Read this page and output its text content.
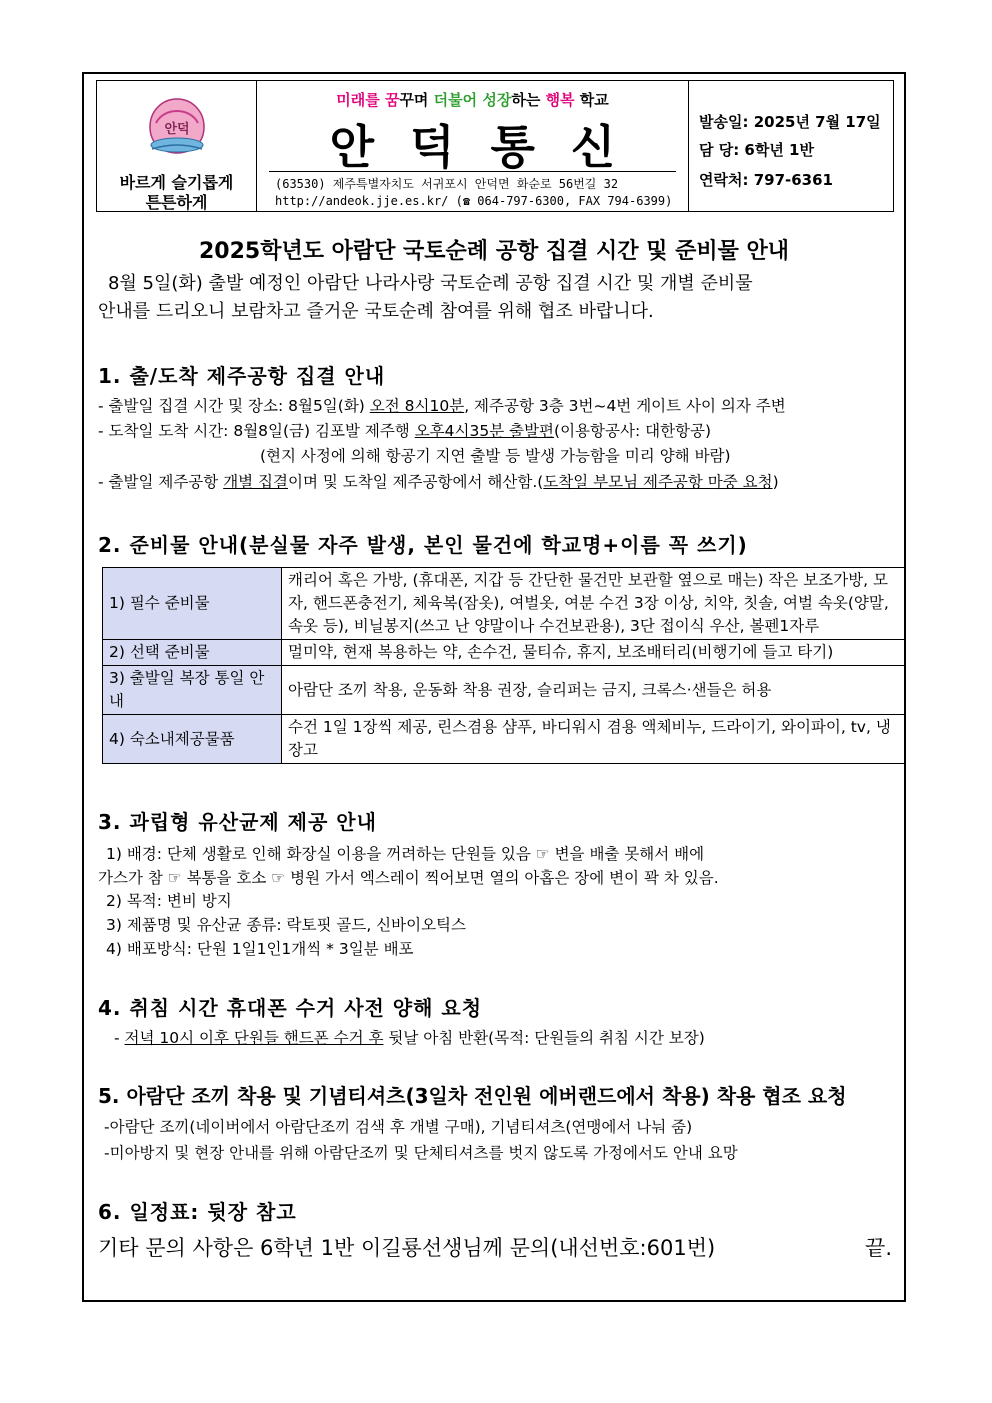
안덕
바르게 슬기롭게
튼튼하게
미래를 꿈꾸며 더불어 성장하는 행복 학교
안덕통신
(63530) 제주특별자치도 서귀포시 안덕면 화순로 56번길 32
http://andeok.jje.es.kr/ (☎ 064-797-6300, FAX 794-6399)
발송일: 2025년 7월 17일
담 당: 6학년 1반
연락처: 797-6361
2025학년도 아람단 국토순례 공항 집결 시간 및 준비물 안내
8월 5일(화) 출발 예정인 아람단 나라사랑 국토순례 공항 집결 시간 및 개별 준비물
안내를 드리오니 보람차고 즐거운 국토순례 참여를 위해 협조 바랍니다.
1. 출/도착 제주공항 집결 안내
- 출발일 집결 시간 및 장소: 8월5일(화) 오전 8시10분, 제주공항 3층 3번~4번 게이트 사이 의자 주변
- 도착일 도착 시간: 8월8일(금) 김포발 제주행 오후4시35분 출발편(이용항공사: 대한항공)
(현지 사정에 의해 항공기 지연 출발 등 발생 가능함을 미리 양해 바람)
- 출발일 제주공항 개별 집결이며 및 도착일 제주공항에서 해산함.(도착일 부모님 제주공항 마중 요청)
2. 준비물 안내(분실물 자주 발생, 본인 물건에 학교명+이름 꼭 쓰기)
1) 필수 준비물	캐리어 혹은 가방, (휴대폰, 지갑 등 간단한 물건만 보관할 옆으로 매는) 작은 보조가방, 모자, 핸드폰충전기, 체육복(잠옷), 여벌옷, 여분 수건 3장 이상, 치약, 칫솔, 여벌 속옷(양말, 속옷 등), 비닐봉지(쓰고 난 양말이나 수건보관용), 3단 접이식 우산, 볼펜1자루
2) 선택 준비물	멀미약, 현재 복용하는 약, 손수건, 물티슈, 휴지, 보조배터리(비행기에 들고 타기)
3) 출발일 복장 통일 안내	아람단 조끼 착용, 운동화 착용 권장, 슬리퍼는 금지, 크록스·샌들은 허용
4) 숙소내제공물품	수건 1일 1장씩 제공, 린스겸용 샴푸, 바디워시 겸용 액체비누, 드라이기, 와이파이, tv, 냉장고
3. 과립형 유산균제 제공 안내
1) 배경: 단체 생활로 인해 화장실 이용을 꺼려하는 단원들 있음 ☞ 변을 배출 못해서 배에
가스가 참 ☞ 복통을 호소 ☞ 병원 가서 엑스레이 찍어보면 열의 아홉은 장에 변이 꽉 차 있음.
2) 목적: 변비 방지
3) 제품명 및 유산균 종류: 락토핏 골드, 신바이오틱스
4) 배포방식: 단원 1일1인1개씩 * 3일분 배포
4. 취침 시간 휴대폰 수거 사전 양해 요청
- 저녁 10시 이후 단원들 핸드폰 수거 후 뒷날 아침 반환(목적: 단원들의 취침 시간 보장)
5. 아람단 조끼 착용 및 기념티셔츠(3일차 전인원 에버랜드에서 착용) 착용 협조 요청
-아람단 조끼(네이버에서 아람단조끼 검색 후 개별 구매), 기념티셔츠(연맹에서 나눠 줌)
-미아방지 및 현장 안내를 위해 아람단조끼 및 단체티셔츠를 벗지 않도록 가정에서도 안내 요망
6. 일정표: 뒷장 참고
기타 문의 사항은 6학년 1반 이길룡선생님께 문의(내선번호:601번)	끝.
